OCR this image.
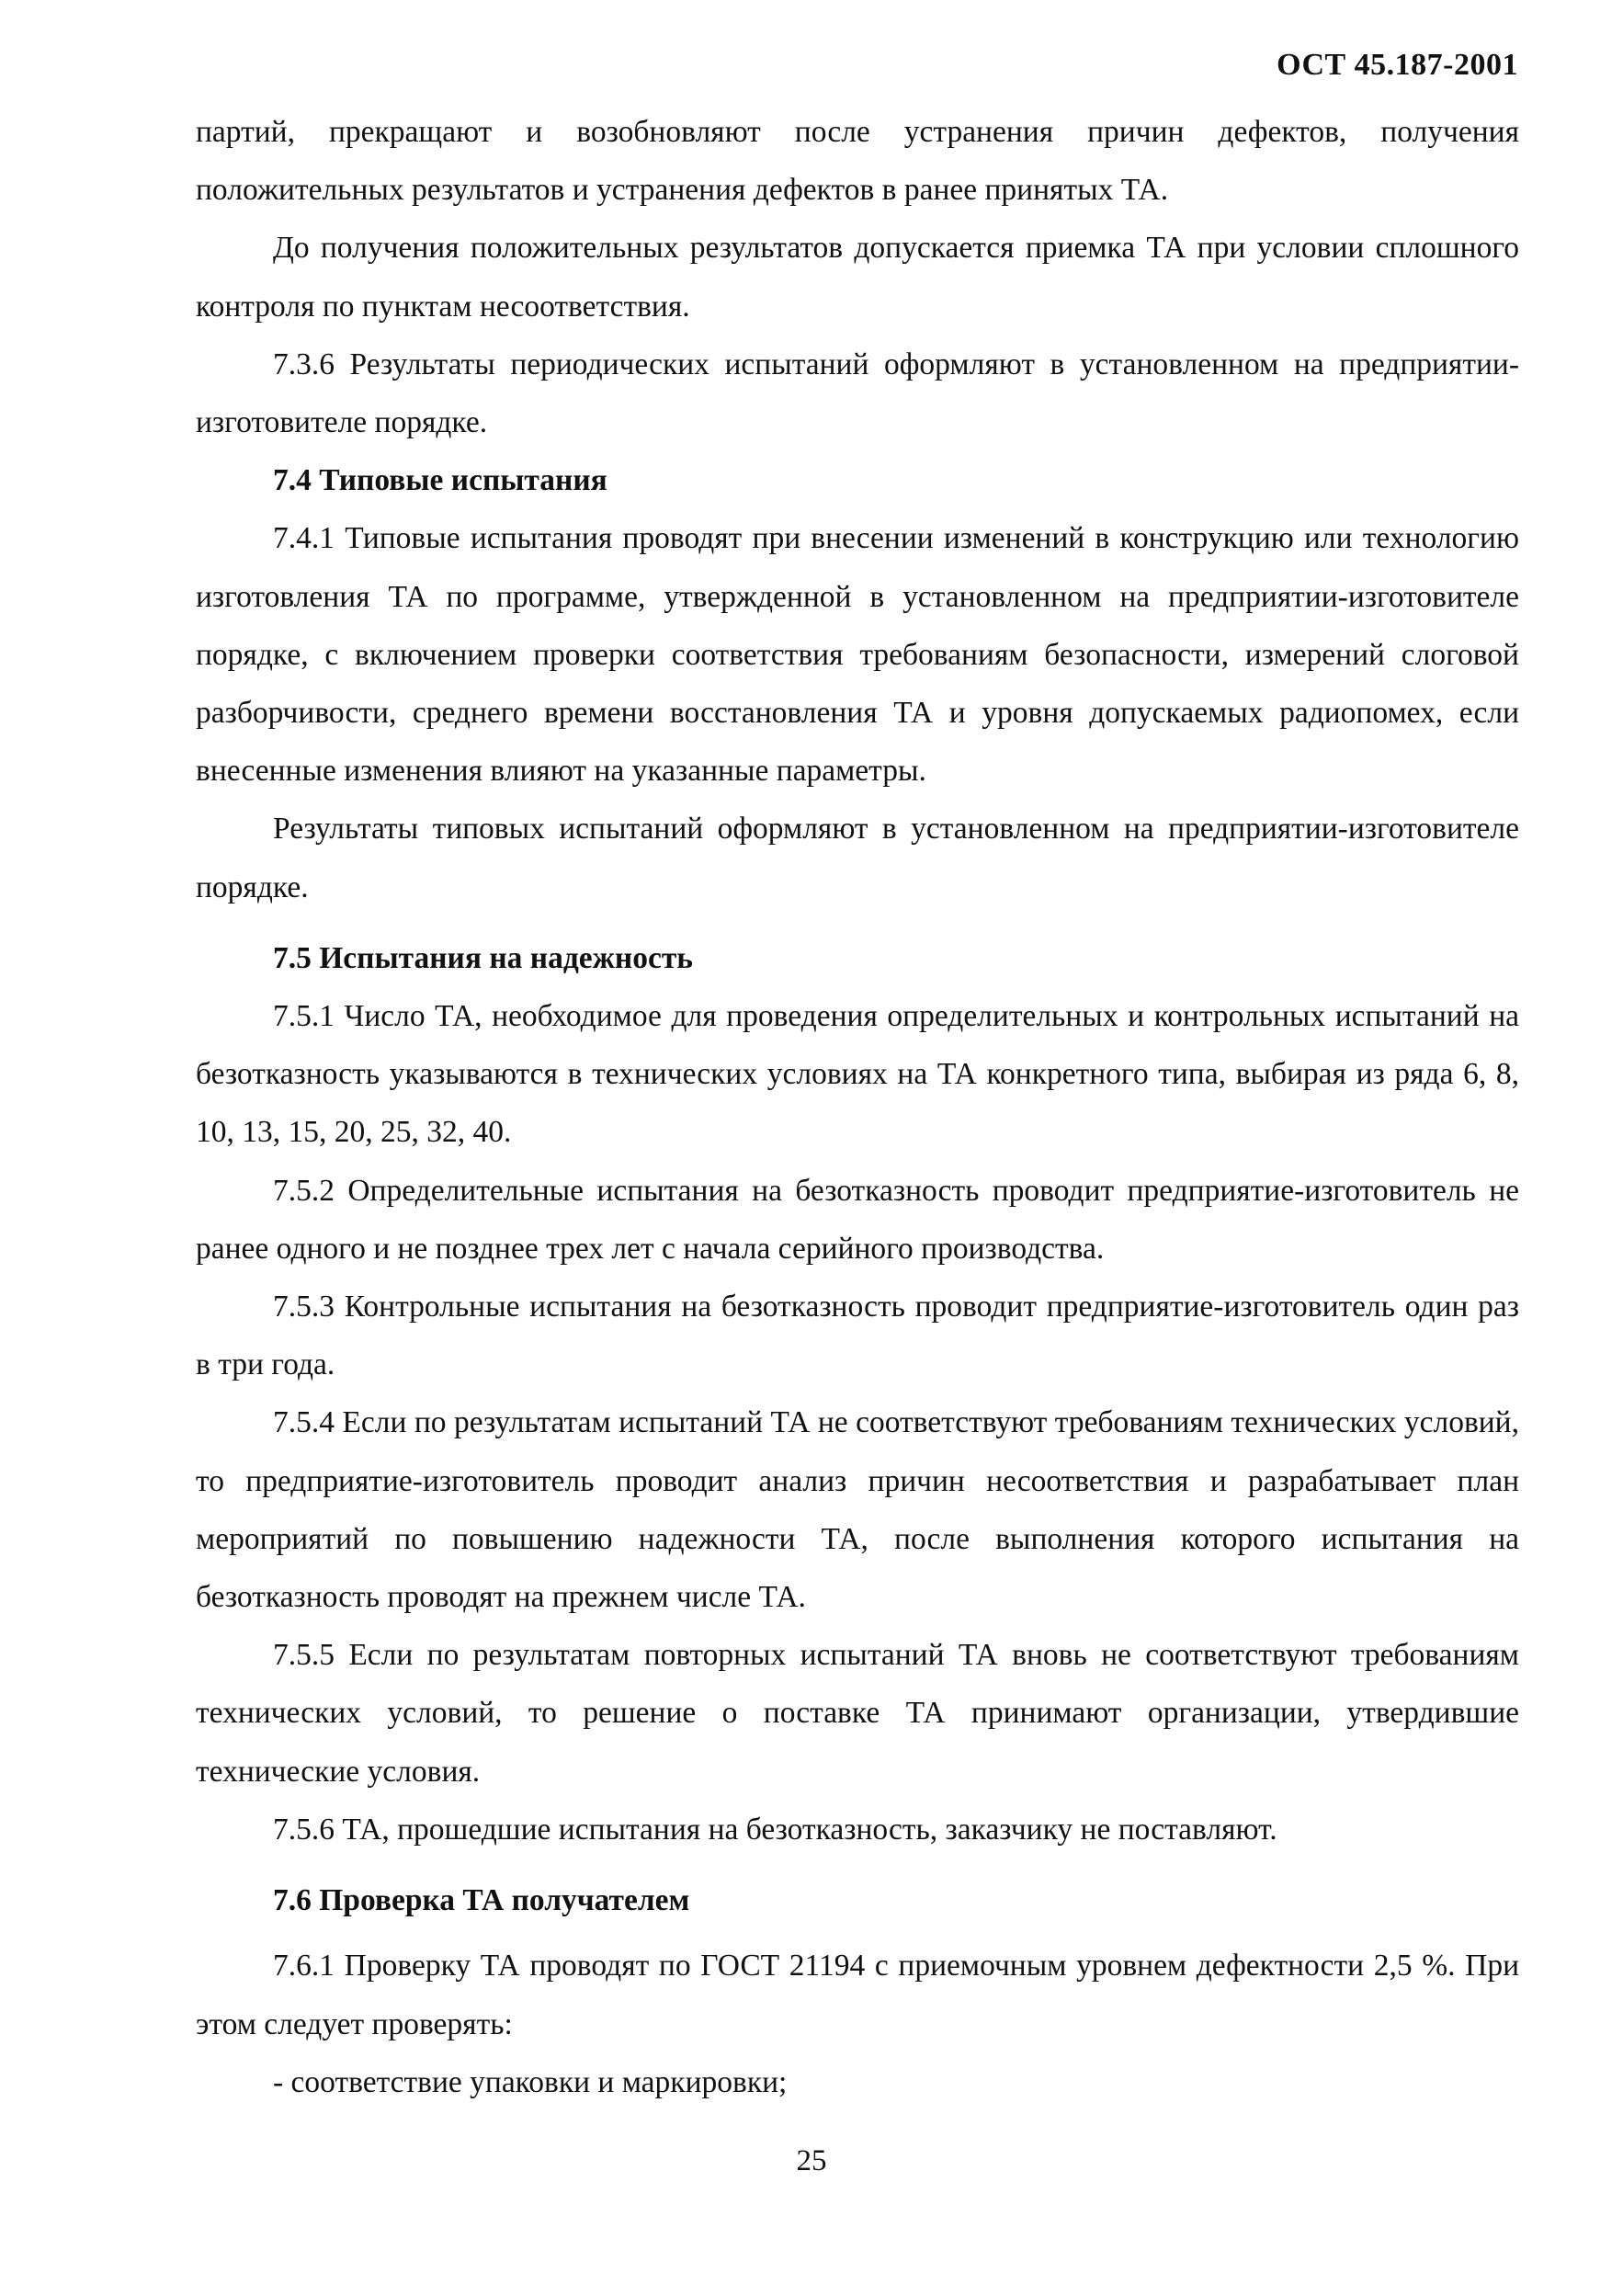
ОСТ 45.187-2001

партий, прекращают и возобновляют после устранения причин дефектов, получения положительных результатов и устранения дефектов в ранее принятых ТА.

До получения положительных результатов допускается приемка ТА при условии сплошного контроля по пунктам несоответствия.

7.3.6 Результаты периодических испытаний оформляют в установленном на предприятии-изготовителе порядке.

7.4 Типовые испытания

7.4.1 Типовые испытания проводят при внесении изменений в конструкцию или технологию изготовления ТА по программе, утвержденной в установленном на предприятии-изготовителе порядке, с включением проверки соответствия требованиям безопасности, измерений слоговой разборчивости, среднего времени восстановления ТА и уровня допускаемых радиопомех, если внесенные изменения влияют на указанные параметры.

Результаты типовых испытаний оформляют в установленном на предприятии-изготовителе порядке.

7.5 Испытания на надежность

7.5.1 Число ТА, необходимое для проведения определительных и контрольных испытаний на безотказность указываются в технических условиях на ТА конкретного типа, выбирая из ряда 6, 8, 10, 13, 15, 20, 25, 32, 40.

7.5.2 Определительные испытания на безотказность проводит предприятие-изготовитель не ранее одного и не позднее трех лет с начала серийного производства.

7.5.3 Контрольные испытания на безотказность проводит предприятие-изготовитель один раз в три года.

7.5.4 Если по результатам испытаний ТА не соответствуют требованиям технических условий, то предприятие-изготовитель проводит анализ причин несоответствия и разрабатывает план мероприятий по повышению надежности ТА, после выполнения которого испытания на безотказность проводят на прежнем числе ТА.

7.5.5 Если по результатам повторных испытаний ТА вновь не соответствуют требованиям технических условий, то решение о поставке ТА принимают организации, утвердившие технические условия.

7.5.6 ТА, прошедшие испытания на безотказность, заказчику не поставляют.

7.6 Проверка ТА получателем

7.6.1 Проверку ТА проводят по ГОСТ 21194 с приемочным уровнем дефектности 2,5 %. При этом следует проверять:

- соответствие упаковки и маркировки;

25
